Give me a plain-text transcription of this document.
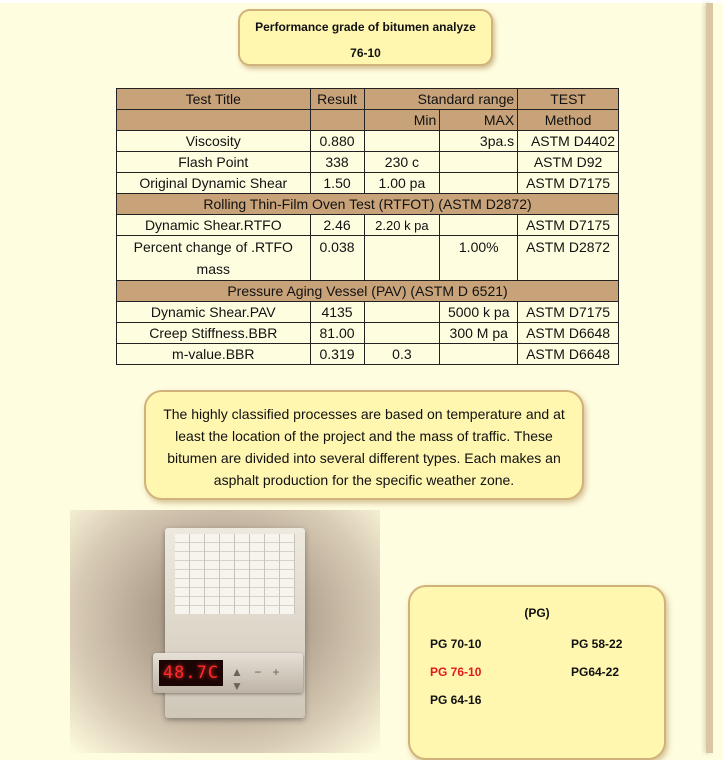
Performance grade of bitumen analyze
76-10
Test Title	Result	Standard range		TEST
		Min	MAX	Method
Viscosity	0.880		3pa.s	ASTM D4402
Flash Point	338	230 c		ASTM D92
Original Dynamic Shear	1.50	1.00 pa		ASTM D7175
Rolling Thin-Film Oven Test (RTFOT) (ASTM D2872)				
Dynamic Shear.RTFO	2.46	2.20 k pa		ASTM D7175
Percent change of .RTFO mass	0.038		1.00%	ASTM D2872
Pressure Aging Vessel (PAV) (ASTM D 6521)				
Dynamic Shear.PAV	4135		5000 k pa	ASTM D7175
Creep Stiffness.BBR	81.00		300 M pa	ASTM D6648
m-value.BBR	0.319	0.3		ASTM D6648
The highly classified processes are based on temperature and at least the location of the project and the mass of traffic. These bitumen are divided into several different types. Each makes an asphalt production for the specific weather zone.
48.7C ▲ − + ▼
(PG)
PG 70-10	PG 58-22
PG 76-10	PG64-22
PG 64-16
